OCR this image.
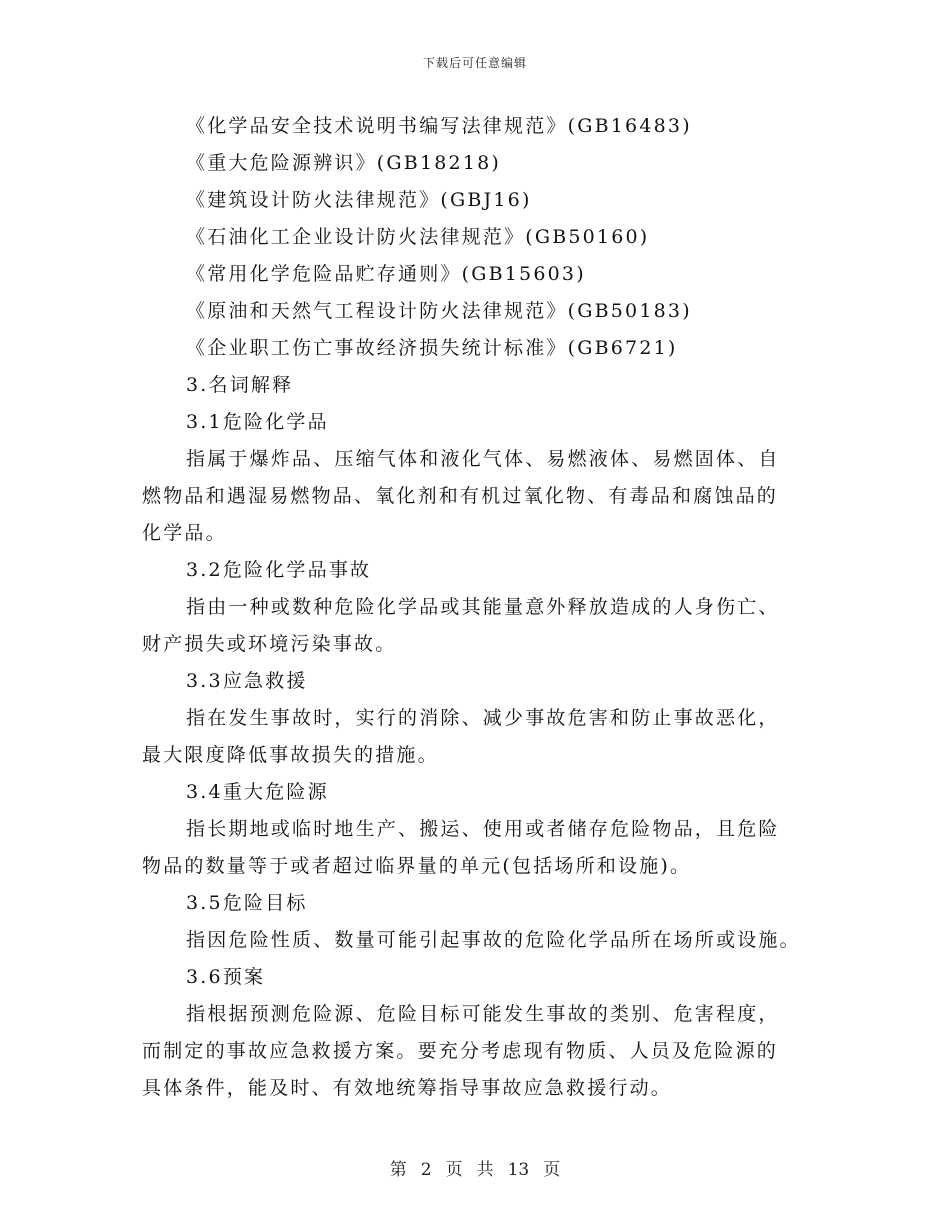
下载后可任意编辑
《化学品安全技术说明书编写法律规范》(GB16483)
《重大危险源辨识》(GB18218)
《建筑设计防火法律规范》(GBJ16)
《石油化工企业设计防火法律规范》(GB50160)
《常用化学危险品贮存通则》(GB15603)
《原油和天然气工程设计防火法律规范》(GB50183)
《企业职工伤亡事故经济损失统计标准》(GB6721)
3.名词解释
3.1危险化学品
指属于爆炸品、压缩气体和液化气体、易燃液体、易燃固体、自
燃物品和遇湿易燃物品、氧化剂和有机过氧化物、有毒品和腐蚀品的
化学品。
3.2危险化学品事故
指由一种或数种危险化学品或其能量意外释放造成的人身伤亡、
财产损失或环境污染事故。
3.3应急救援
指在发生事故时，实行的消除、减少事故危害和防止事故恶化，
最大限度降低事故损失的措施。
3.4重大危险源
指长期地或临时地生产、搬运、使用或者储存危险物品，且危险
物品的数量等于或者超过临界量的单元(包括场所和设施)。
3.5危险目标
指因危险性质、数量可能引起事故的危险化学品所在场所或设施。
3.6预案
指根据预测危险源、危险目标可能发生事故的类别、危害程度，
而制定的事故应急救援方案。要充分考虑现有物质、人员及危险源的
具体条件，能及时、有效地统筹指导事故应急救援行动。
第 2 页 共 13 页
